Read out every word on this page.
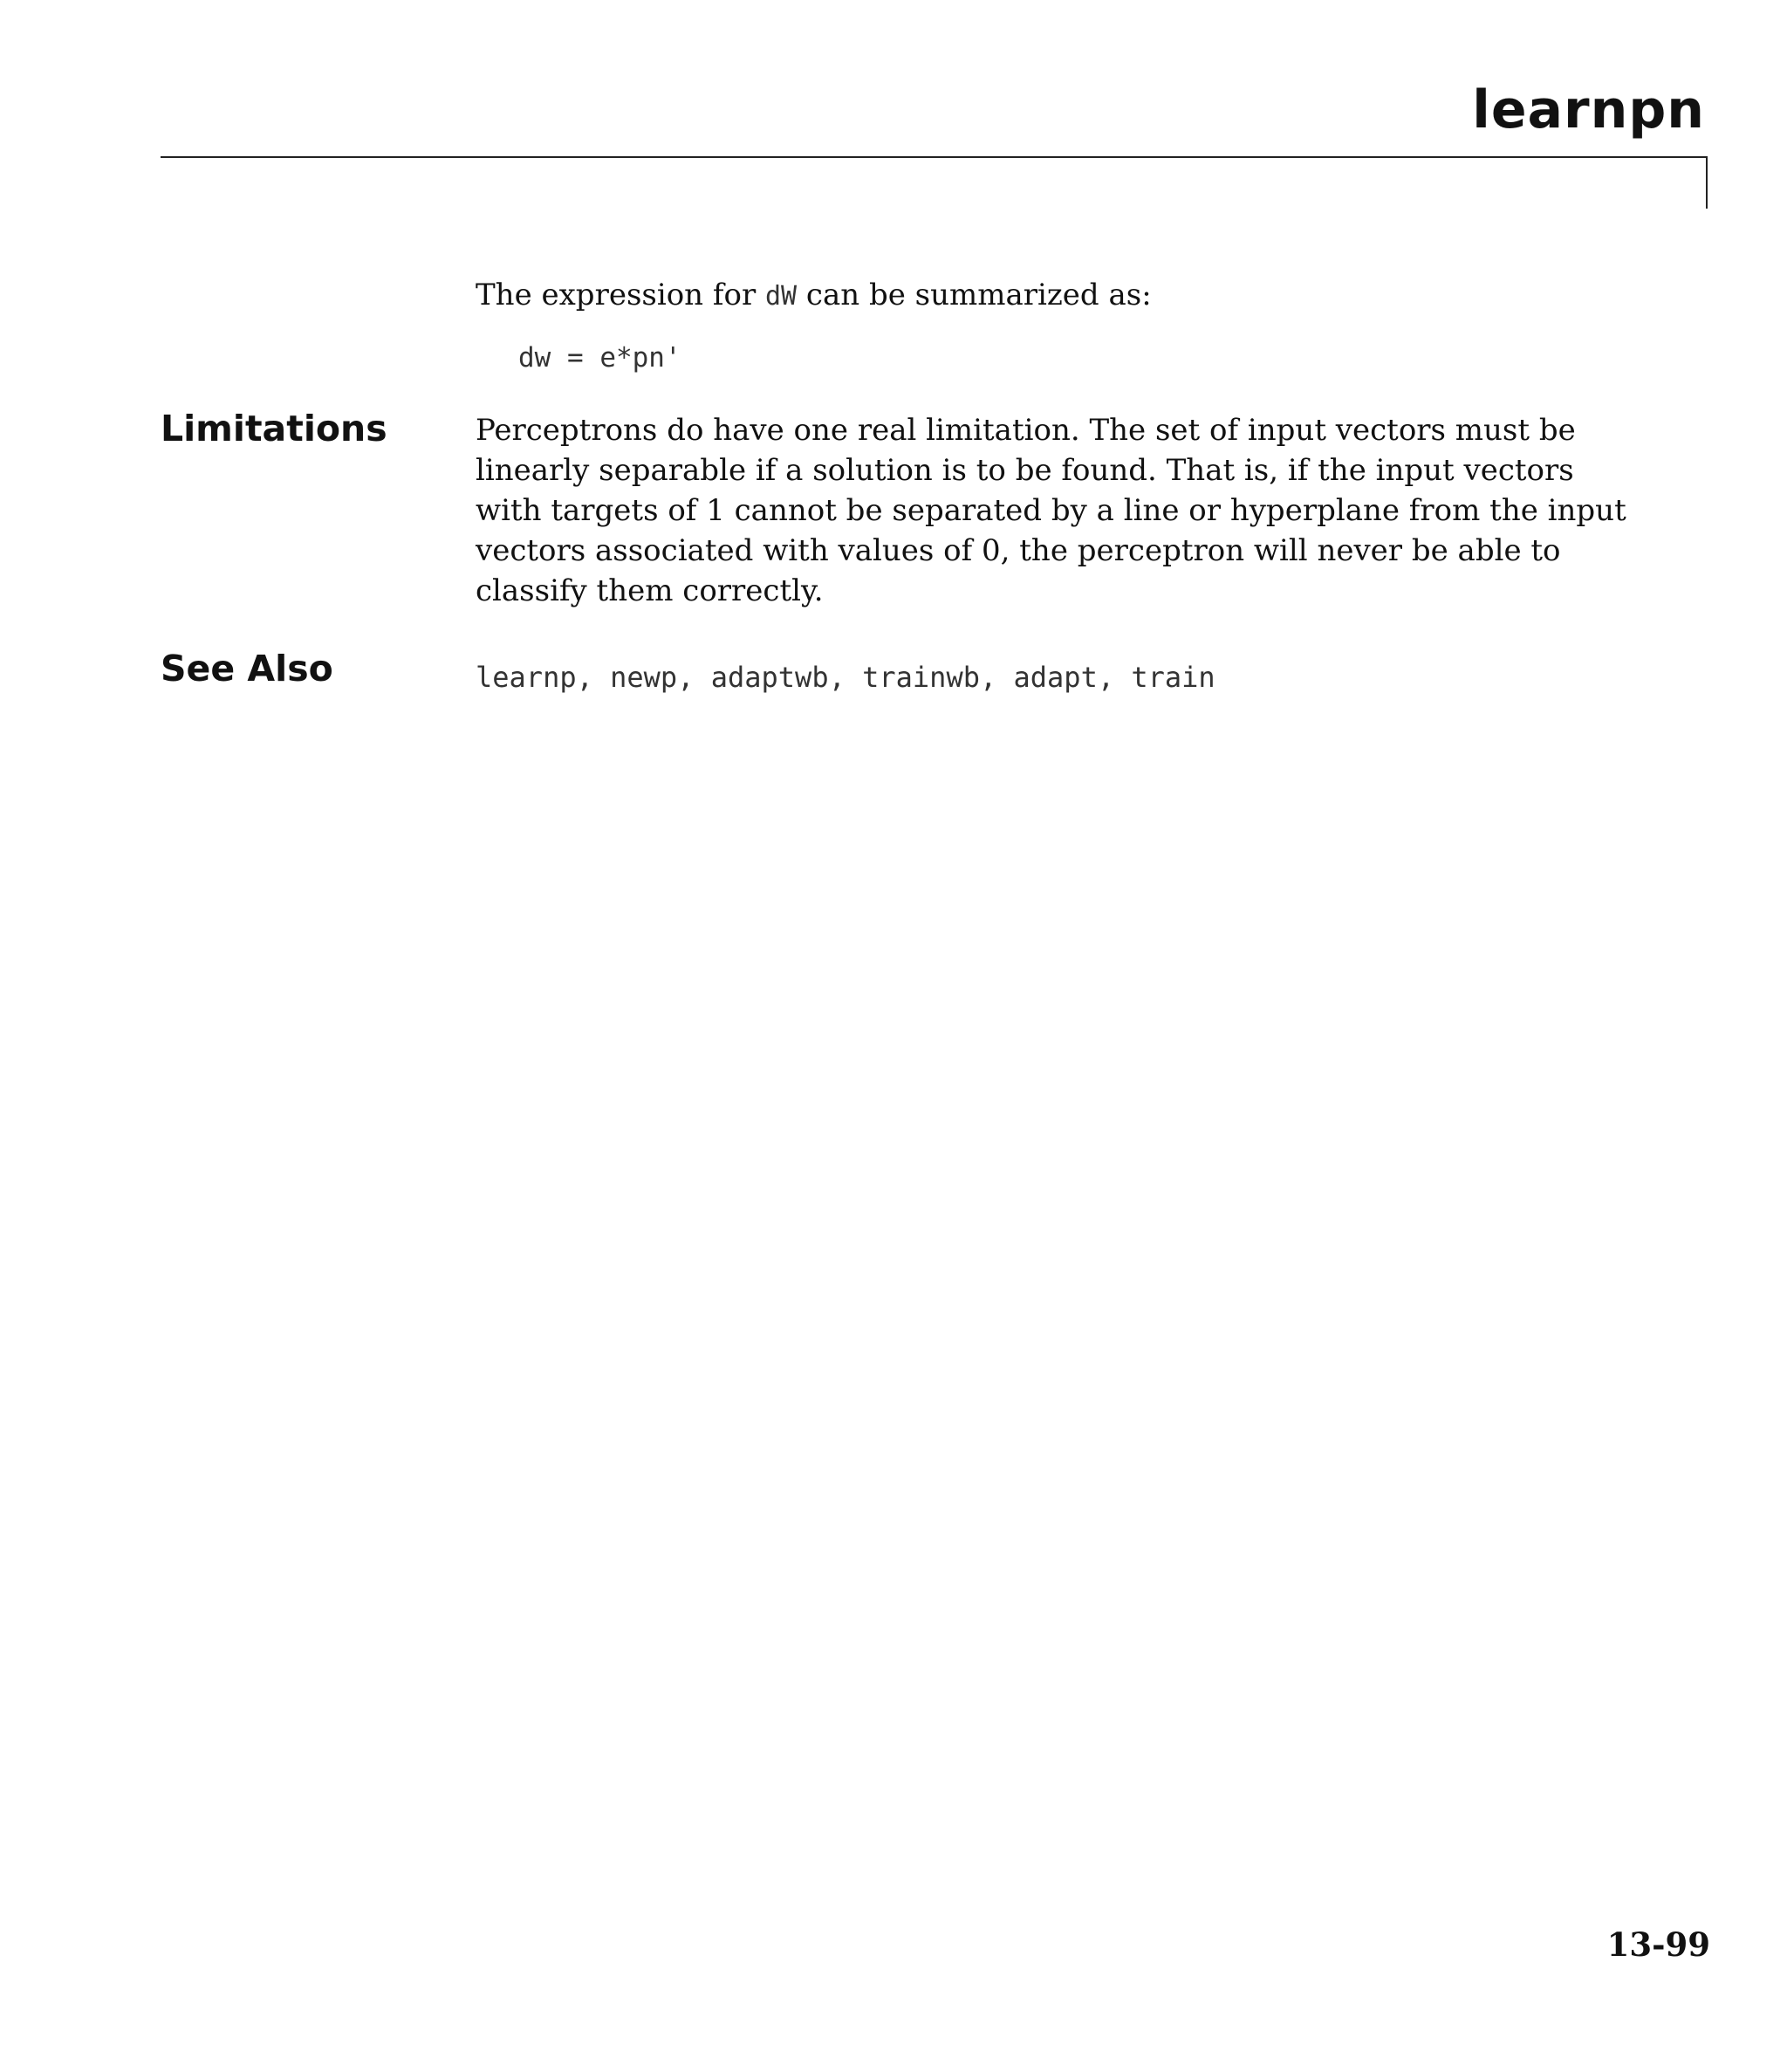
learnpn
The expression for dW can be summarized as:
dw = e*pn'
Limitations	Perceptrons do have one real limitation. The set of input vectors must be linearly separable if a solution is to be found. That is, if the input vectors with targets of 1 cannot be separated by a line or hyperplane from the input vectors associated with values of 0, the perceptron will never be able to classify them correctly.
See Also	learnp, newp, adaptwb, trainwb, adapt, train
13-99
